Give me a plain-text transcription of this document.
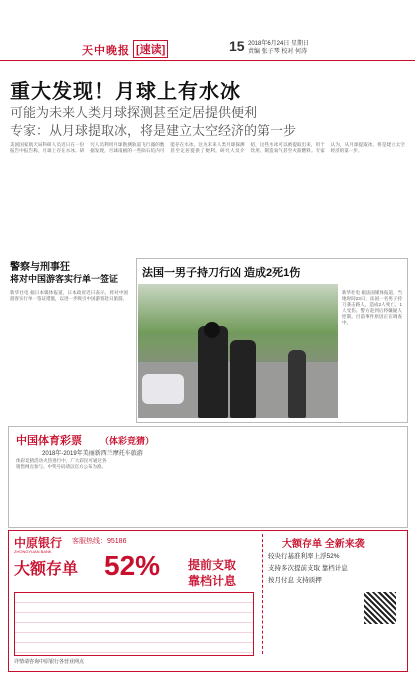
天中晚报 [速读]	15 2018年6月24日 星期日
责编 张子琴 校对 何涛
重大发现！月球上有水冰
可能为未来人类月球探测甚至定居提供便利
专家：从月球提取冰，将是建立太空经济的第一步
美国国家航天局科研人员近日在一份报告中报告称，月球上存在水冰。研究人员利用月球勘测轨道飞行器的数据发现，月球南极的一些陨石坑内可能存在水冰，这为未来人类月球探测甚至定居提供了便利。研究人员介绍，这些水冰可以被提取出来，用于饮用、制造氧气甚至火箭燃料。专家认为，从月球提取冰，将是建立太空经济的第一步。
警察与刑事狂
将对中国游客实行单一签证
新华社电 据日本媒体报道，日本政府近日表示，将对中国游客实行单一签证措施，以进一步吸引中国游客赴日旅游。
法国一男子持刀行凶 造成2死1伤
新华社电 据法国媒体报道，当地时间23日，法国一名男子持刀袭击路人，造成2人死亡、1人受伤。警方赶到后将嫌疑人控制。目前事件原因正在调查中。
中国体育彩票 （体彩竞猜）
2018年-2019年美丽新西兰摩托车旅游
体彩竞猜活动火热进行中，广大彩民可通过各销售网点参与。中奖号码请以官方公布为准。
中原银行
ZHONGYUAN BANK
客服热线：95186
大额存单 52% 提前支取
靠档计息
大额存单 全新来袭
较央行基准利率上浮52%
支持多次提前支取 靠档计息
按月付息 支持质押
详情请咨询中原银行各营业网点
